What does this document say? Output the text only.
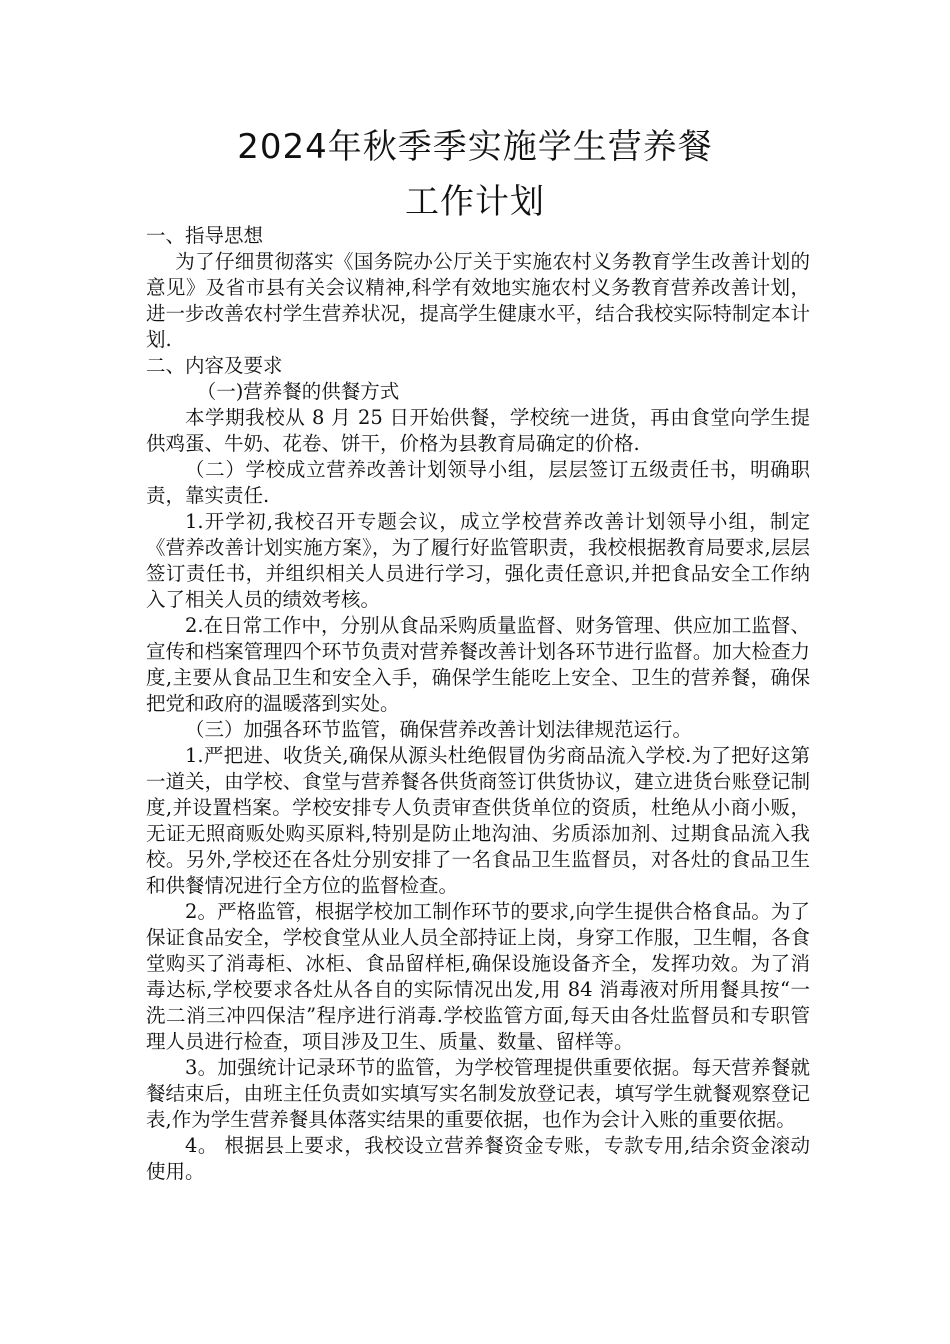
2024年秋季季实施学生营养餐
工作计划

一、指导思想

为了仔细贯彻落实《国务院办公厅关于实施农村义务教育学生改善计划的意见》及省市县有关会议精神,科学有效地实施农村义务教育营养改善计划，进一步改善农村学生营养状况，提高学生健康水平，结合我校实际特制定本计划.

二、内容及要求

（一)营养餐的供餐方式

本学期我校从 8 月 25 日开始供餐，学校统一进货，再由食堂向学生提供鸡蛋、牛奶、花卷、饼干，价格为县教育局确定的价格.

（二）学校成立营养改善计划领导小组，层层签订五级责任书，明确职责，靠实责任.

1.开学初,我校召开专题会议，成立学校营养改善计划领导小组，制定《营养改善计划实施方案》，为了履行好监管职责，我校根据教育局要求,层层签订责任书，并组织相关人员进行学习，强化责任意识,并把食品安全工作纳入了相关人员的绩效考核。

2.在日常工作中，分别从食品采购质量监督、财务管理、供应加工监督、宣传和档案管理四个环节负责对营养餐改善计划各环节进行监督。加大检查力度,主要从食品卫生和安全入手，确保学生能吃上安全、卫生的营养餐，确保把党和政府的温暖落到实处。

（三）加强各环节监管，确保营养改善计划法律规范运行。

1.严把进、收货关,确保从源头杜绝假冒伪劣商品流入学校.为了把好这第一道关，由学校、食堂与营养餐各供货商签订供货协议，建立进货台账登记制度,并设置档案。学校安排专人负责审查供货单位的资质，杜绝从小商小贩，无证无照商贩处购买原料,特别是防止地沟油、劣质添加剂、过期食品流入我校。另外,学校还在各灶分别安排了一名食品卫生监督员，对各灶的食品卫生和供餐情况进行全方位的监督检查。

2。严格监管，根据学校加工制作环节的要求,向学生提供合格食品。为了保证食品安全，学校食堂从业人员全部持证上岗，身穿工作服，卫生帽，各食堂购买了消毒柜、冰柜、食品留样柜,确保设施设备齐全，发挥功效。为了消毒达标,学校要求各灶从各自的实际情况出发,用 84 消毒液对所用餐具按“一洗二消三冲四保洁”程序进行消毒.学校监管方面,每天由各灶监督员和专职管理人员进行检查，项目涉及卫生、质量、数量、留样等。

3。加强统计记录环节的监管，为学校管理提供重要依据。每天营养餐就餐结束后，由班主任负责如实填写实名制发放登记表，填写学生就餐观察登记表,作为学生营养餐具体落实结果的重要依据，也作为会计入账的重要依据。

4。 根据县上要求，我校设立营养餐资金专账，专款专用,结余资金滚动使用。
